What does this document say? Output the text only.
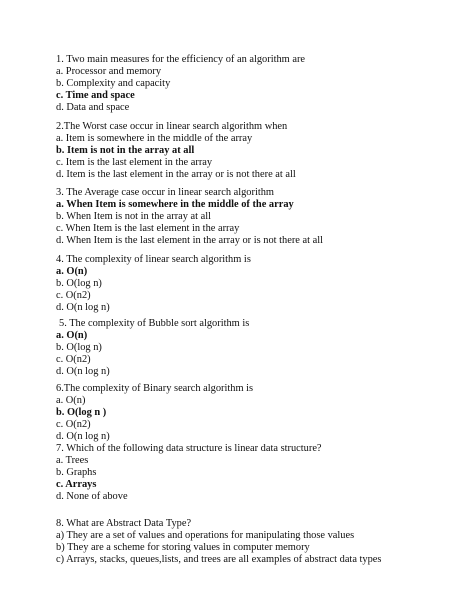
1. Two main measures for the efficiency of an algorithm are
a. Processor and memory
b. Complexity and capacity
c. Time and space
d. Data and space
2.The Worst case occur in linear search algorithm when
a. Item is somewhere in the middle of the array
b. Item is not in the array at all
c. Item is the last element in the array
d. Item is the last element in the array or is not there at all
3. The Average case occur in linear search algorithm
a. When Item is somewhere in the middle of the array
b. When Item is not in the array at all
c. When Item is the last element in the array
d. When Item is the last element in the array or is not there at all
4. The complexity of linear search algorithm is
a. O(n)
b. O(log n)
c. O(n2)
d. O(n log n)
5. The complexity of Bubble sort algorithm is
a. O(n)
b. O(log n)
c. O(n2)
d. O(n log n)
6.The complexity of Binary search algorithm is
a. O(n)
b. O(log n )
c. O(n2)
d. O(n log n)
7. Which of the following data structure is linear data structure?
a. Trees
b. Graphs
c. Arrays
d. None of above
8. What are Abstract Data Type?
a) They are a set of values and operations for manipulating those values
b) They are a scheme for storing values in computer memory
c) Arrays, stacks, queues,lists, and trees are all examples of abstract data types
